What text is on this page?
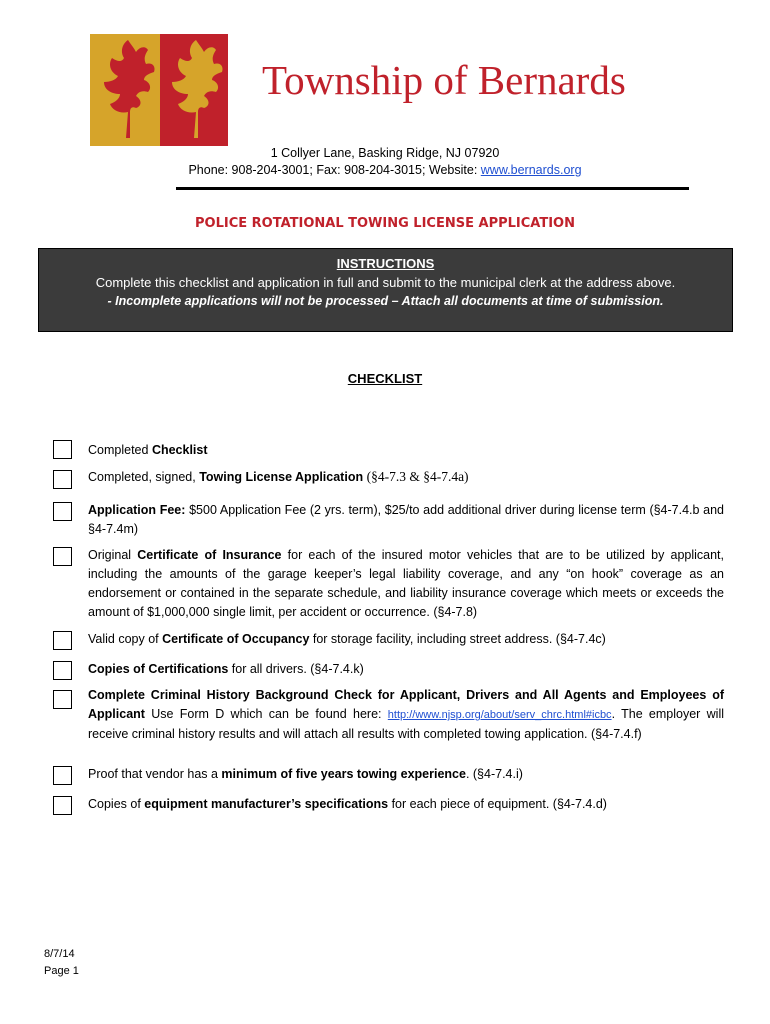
Township of Bernards
1 Collyer Lane, Basking Ridge, NJ 07920
Phone: 908-204-3001; Fax: 908-204-3015; Website: www.bernards.org
POLICE ROTATIONAL TOWING LICENSE APPLICATION
INSTRUCTIONS
Complete this checklist and application in full and submit to the municipal clerk at the address above.
- Incomplete applications will not be processed – Attach all documents at time of submission.
CHECKLIST
Completed Checklist
Completed, signed, Towing License Application (§4-7.3 & §4-7.4a)
Application Fee: $500 Application Fee (2 yrs. term), $25/to add additional driver during license term (§4-7.4.b and §4-7.4m)
Original Certificate of Insurance for each of the insured motor vehicles that are to be utilized by applicant, including the amounts of the garage keeper’s legal liability coverage, and any “on hook” coverage as an endorsement or contained in the separate schedule, and liability insurance coverage which meets or exceeds the amount of $1,000,000 single limit, per accident or occurrence. (§4-7.8)
Valid copy of Certificate of Occupancy for storage facility, including street address. (§4-7.4c)
Copies of Certifications for all drivers. (§4-7.4.k)
Complete Criminal History Background Check for Applicant, Drivers and All Agents and Employees of Applicant Use Form D which can be found here: http://www.njsp.org/about/serv_chrc.html#icbc. The employer will receive criminal history results and will attach all results with completed towing application. (§4-7.4.f)
Proof that vendor has a minimum of five years towing experience. (§4-7.4.i)
Copies of equipment manufacturer’s specifications for each piece of equipment. (§4-7.4.d)
8/7/14
Page 1
